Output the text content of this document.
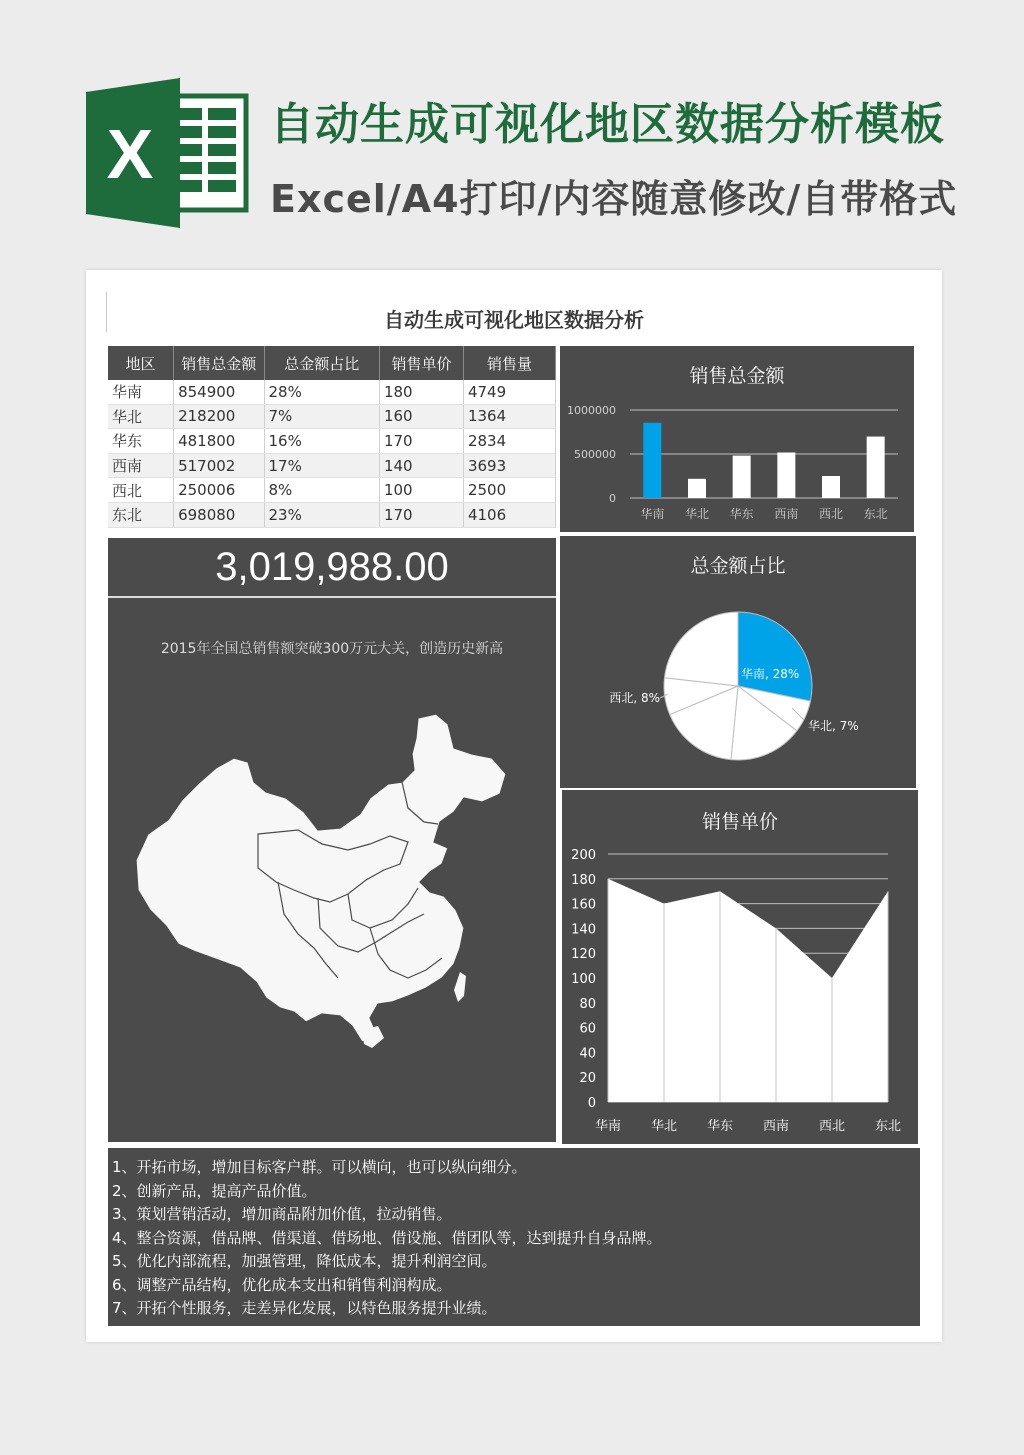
X	自动生成可视化地区数据分析模板
Excel/A4打印/内容随意修改/自带格式
自动生成可视化地区数据分析
地区	销售总金额	总金额占比	销售单价	销售量
华南	854900	28%	180	4749
华北	218200	7%	160	1364
华东	481800	16%	170	2834
西南	517002	17%	140	3693
西北	250006	8%	100	2500
东北	698080	23%	170	4106
销售总金额
1000000
500000
0
华南 华北 华东 西南 西北 东北
3,019,988.00
2015年全国总销售额突破300万元大关，创造历史新高
总金额占比
华南, 28%
华北, 7%
西北, 8%
销售单价
200
180
160
140
120
100
80
60
40
20
0
华南 华北 华东 西南 西北 东北
1、开拓市场，增加目标客户群。可以横向，也可以纵向细分。
2、创新产品，提高产品价值。
3、策划营销活动，增加商品附加价值，拉动销售。
4、整合资源，借品牌、借渠道、借场地、借设施、借团队等，达到提升自身品牌。
5、优化内部流程，加强管理，降低成本，提升利润空间。
6、调整产品结构，优化成本支出和销售利润构成。
7、开拓个性服务，走差异化发展，以特色服务提升业绩。
